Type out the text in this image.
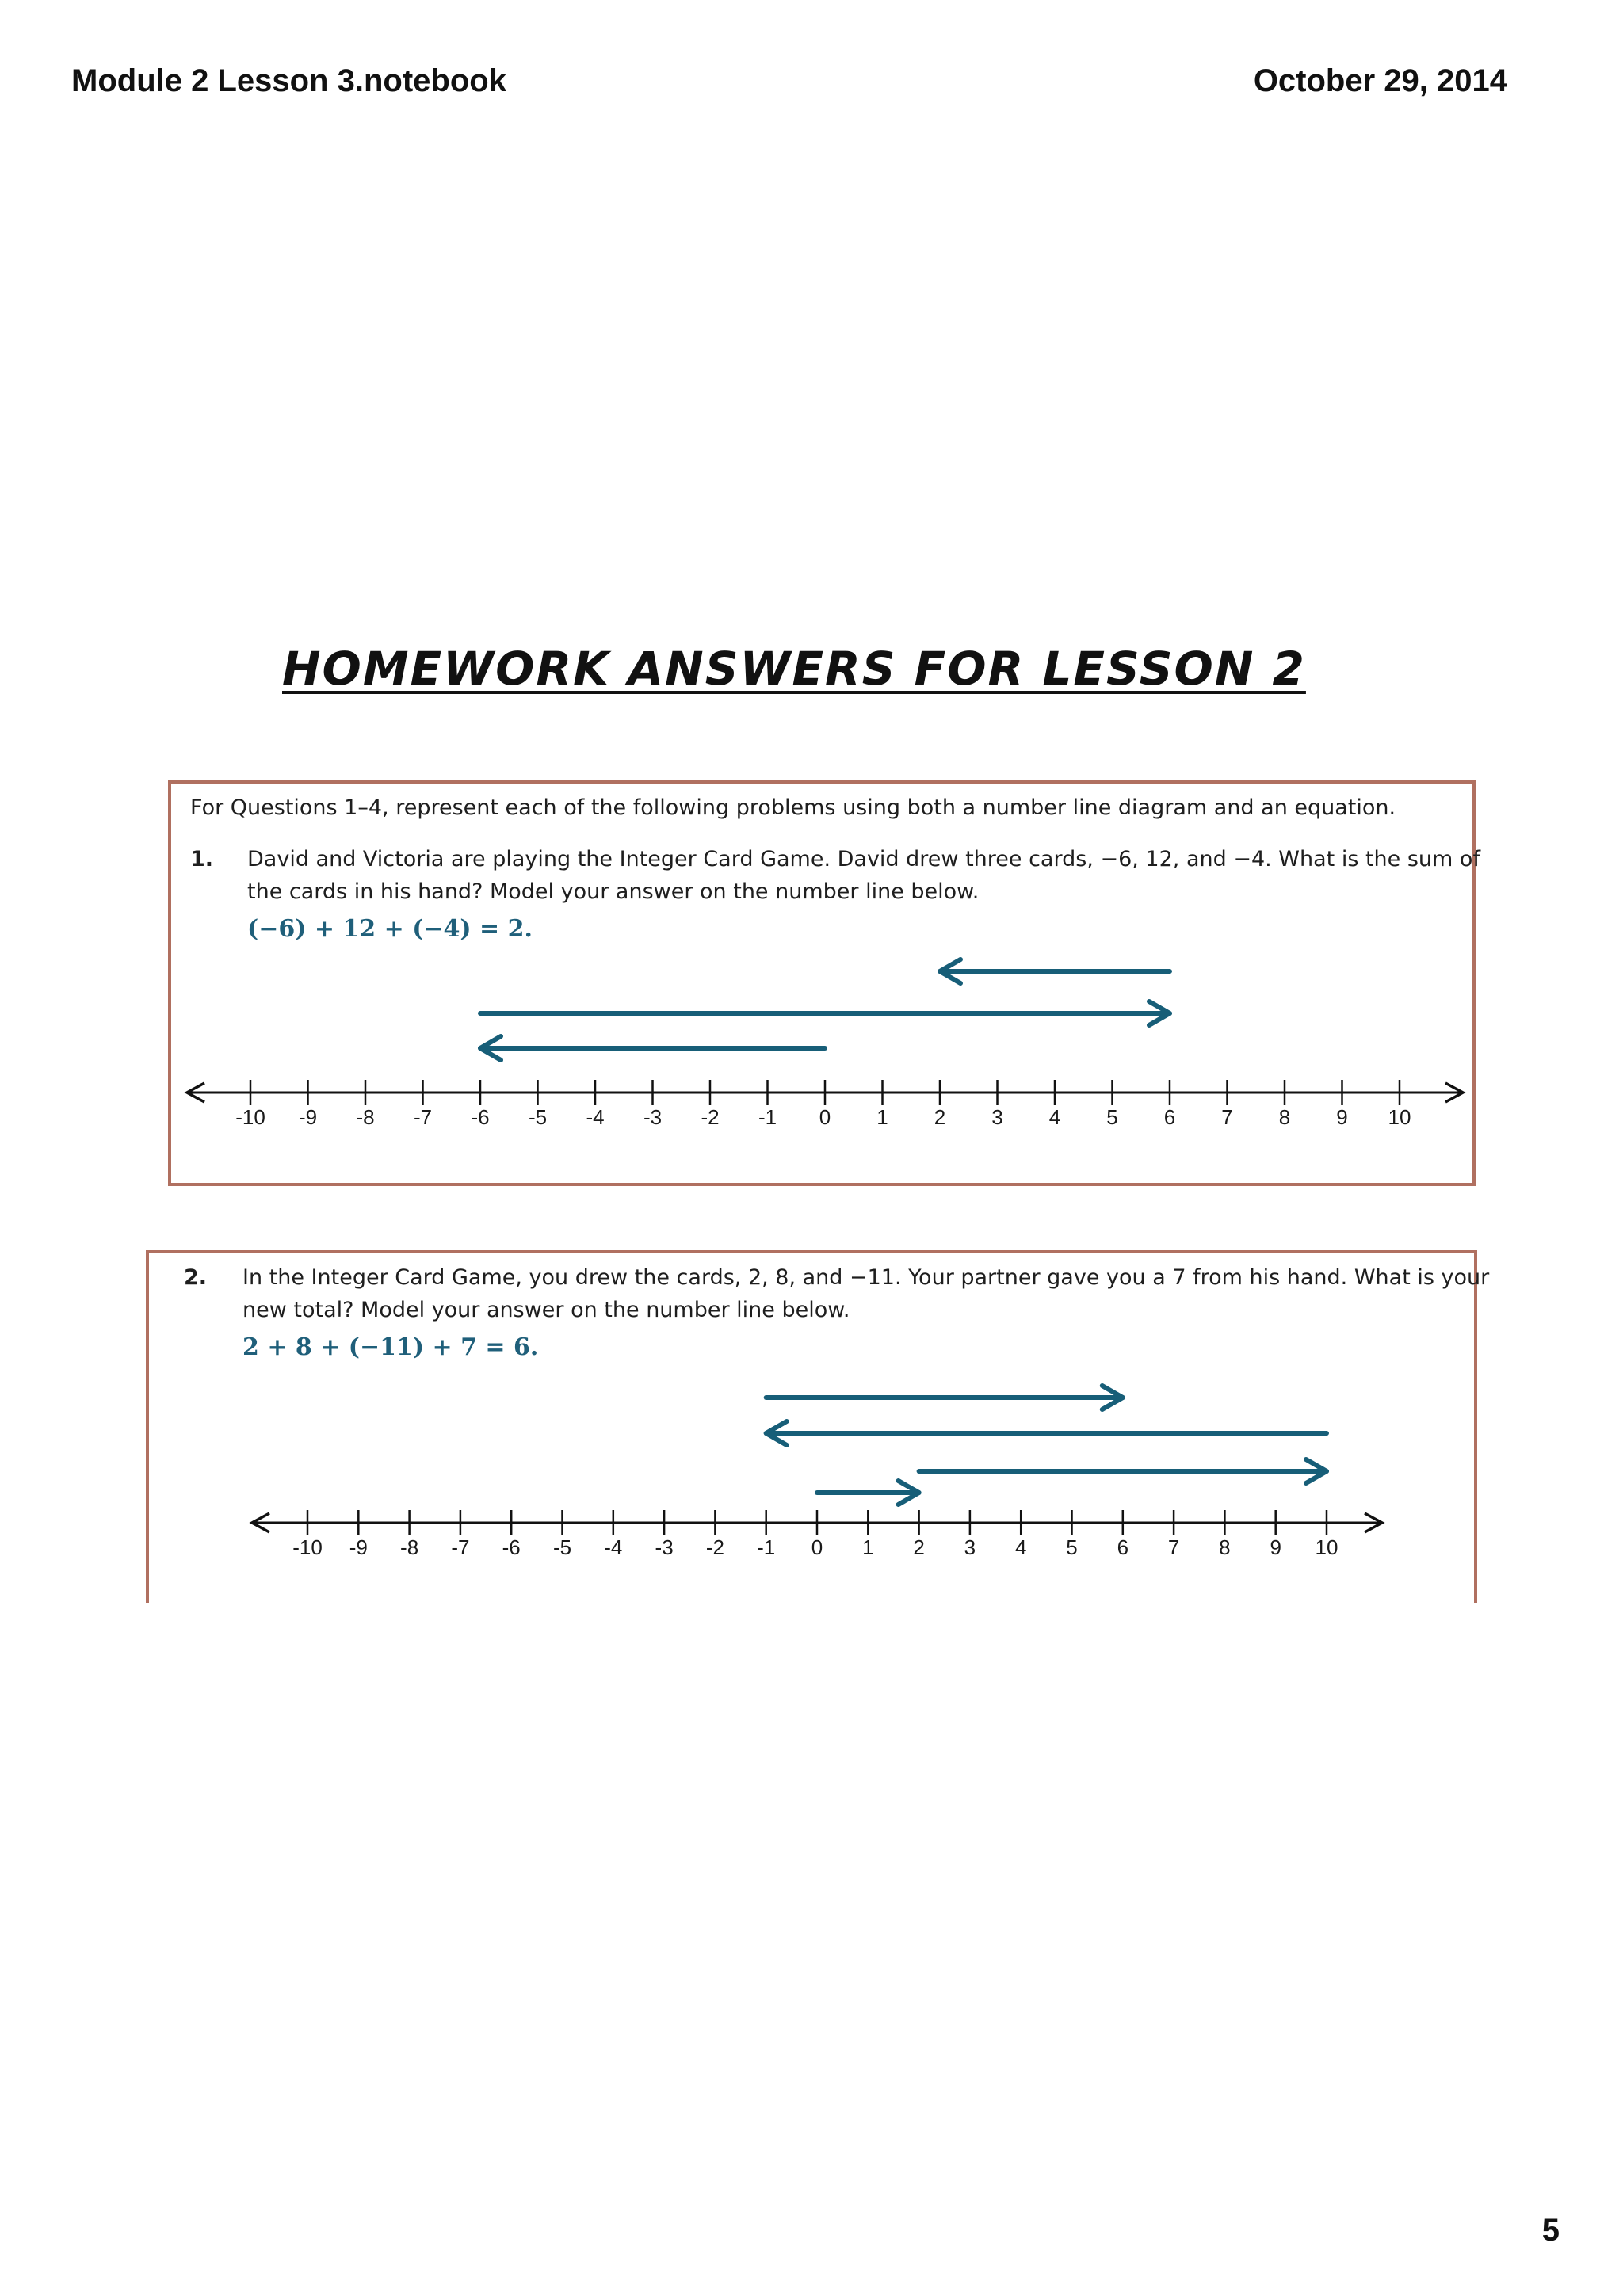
Module 2 Lesson 3.notebook	October 29, 2014
HOMEWORK ANSWERS FOR LESSON 2
For Questions 1–4, represent each of the following problems using both a number line diagram and an equation.
1. David and Victoria are playing the Integer Card Game. David drew three cards, −6, 12, and −4. What is the sum of
the cards in his hand? Model your answer on the number line below.
(−6) + 12 + (−4) = 2.
-10 -9 -8 -7 -6 -5 -4 -3 -2 -1 0 1 2 3 4 5 6 7 8 9 10
2. In the Integer Card Game, you drew the cards, 2, 8, and −11. Your partner gave you a 7 from his hand. What is your
new total? Model your answer on the number line below.
2 + 8 + (−11) + 7 = 6.
-10 -9 -8 -7 -6 -5 -4 -3 -2 -1 0 1 2 3 4 5 6 7 8 9 10
5
